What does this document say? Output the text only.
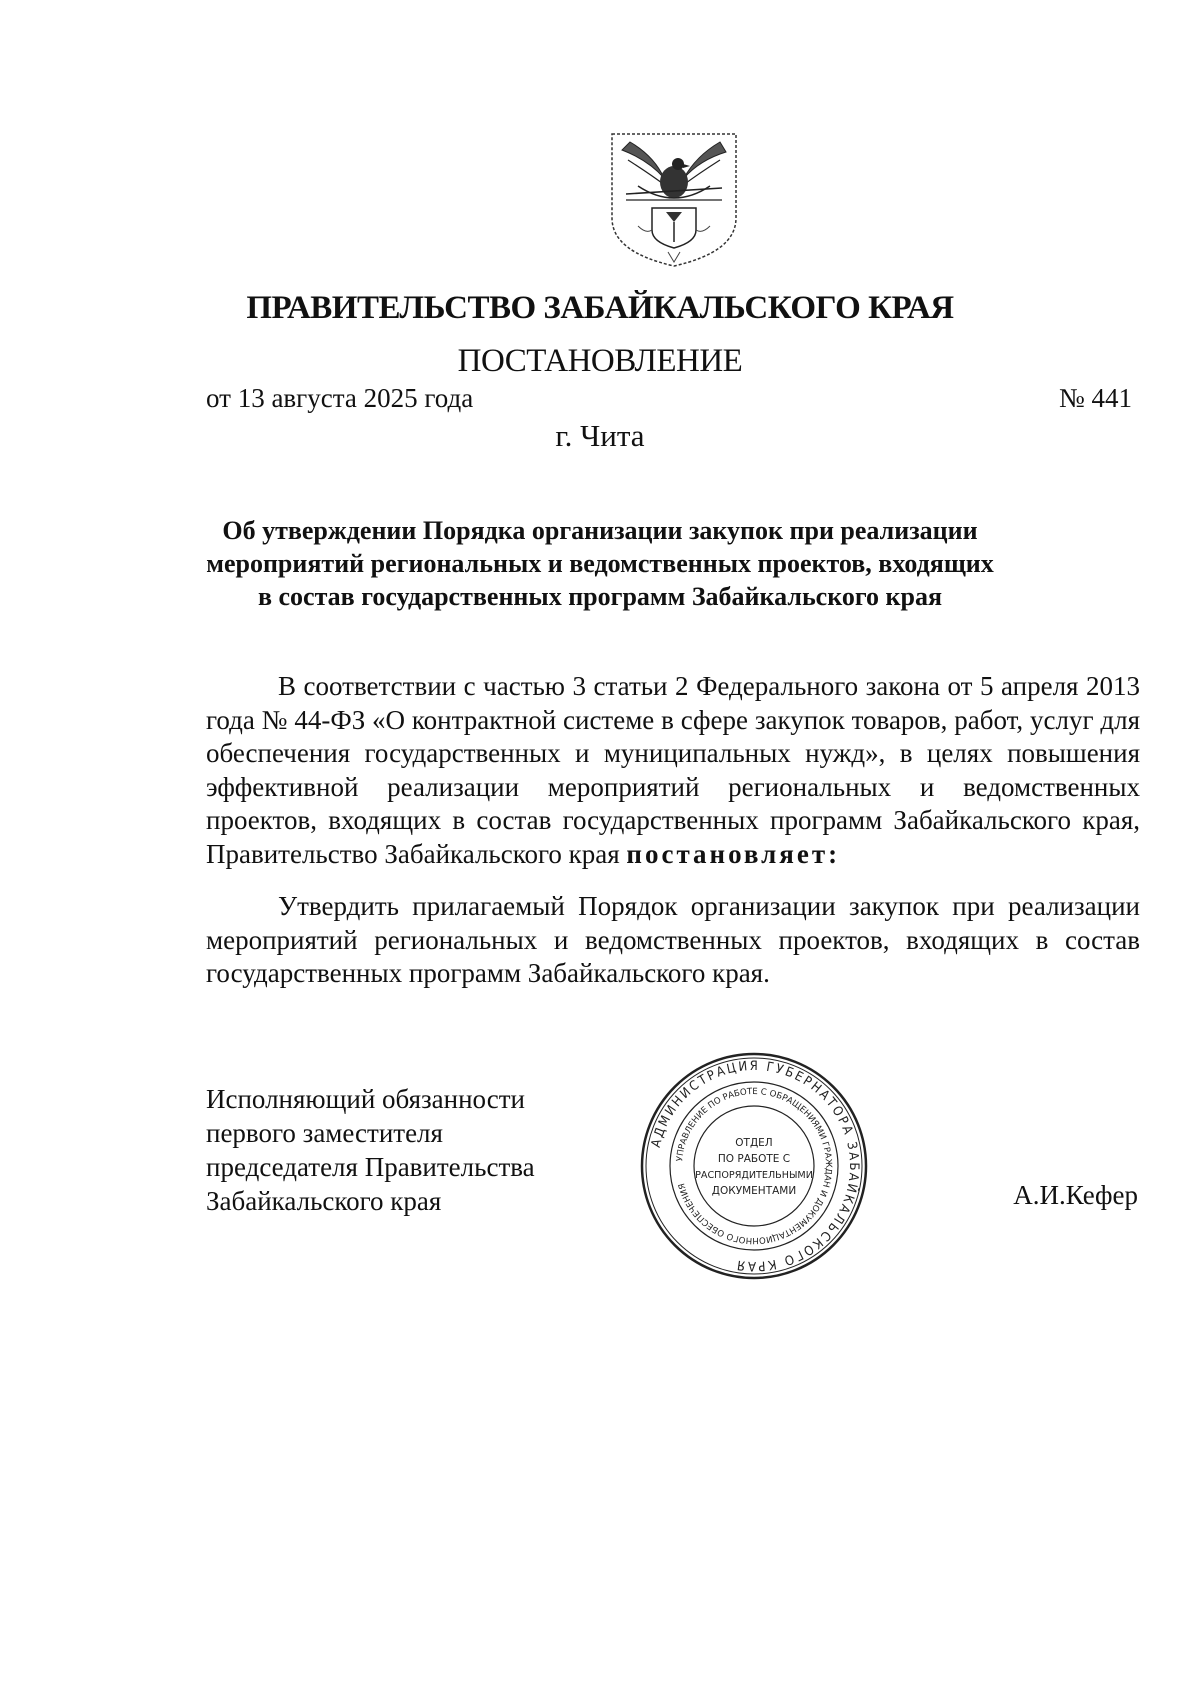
ПРАВИТЕЛЬСТВО ЗАБАЙКАЛЬСКОГО КРАЯ
ПОСТАНОВЛЕНИЕ
от 13 августа 2025 года	№ 441
г. Чита
Об утверждении Порядка организации закупок при реализации
мероприятий региональных и ведомственных проектов, входящих
в состав государственных программ Забайкальского края

В соответствии с частью 3 статьи 2 Федерального закона от 5 апреля 2013 года № 44-ФЗ «О контрактной системе в сфере закупок товаров, работ, услуг для обеспечения государственных и муниципальных нужд», в целях повышения эффективной реализации мероприятий региональных и ведомственных проектов, входящих в состав государственных программ Забайкальского края, Правительство Забайкальского края постановляет:

Утвердить прилагаемый Порядок организации закупок при реализации мероприятий региональных и ведомственных проектов, входящих в состав государственных программ Забайкальского края.

Исполняющий обязанности
первого заместителя
председателя Правительства
Забайкальского края
АДМИНИСТРАЦИЯ ГУБЕРНАТОРА ЗАБАЙКАЛЬСКОГО КРАЯ
УПРАВЛЕНИЕ ПО РАБОТЕ С ОБРАЩЕНИЯМИ ГРАЖДАН И ДОКУМЕНТАЦИОННОГО ОБЕСПЕЧЕНИЯ
ОТДЕЛ
ПО РАБОТЕ С
РАСПОРЯДИТЕЛЬНЫМИ
ДОКУМЕНТАМИ	А.И.Кефер
